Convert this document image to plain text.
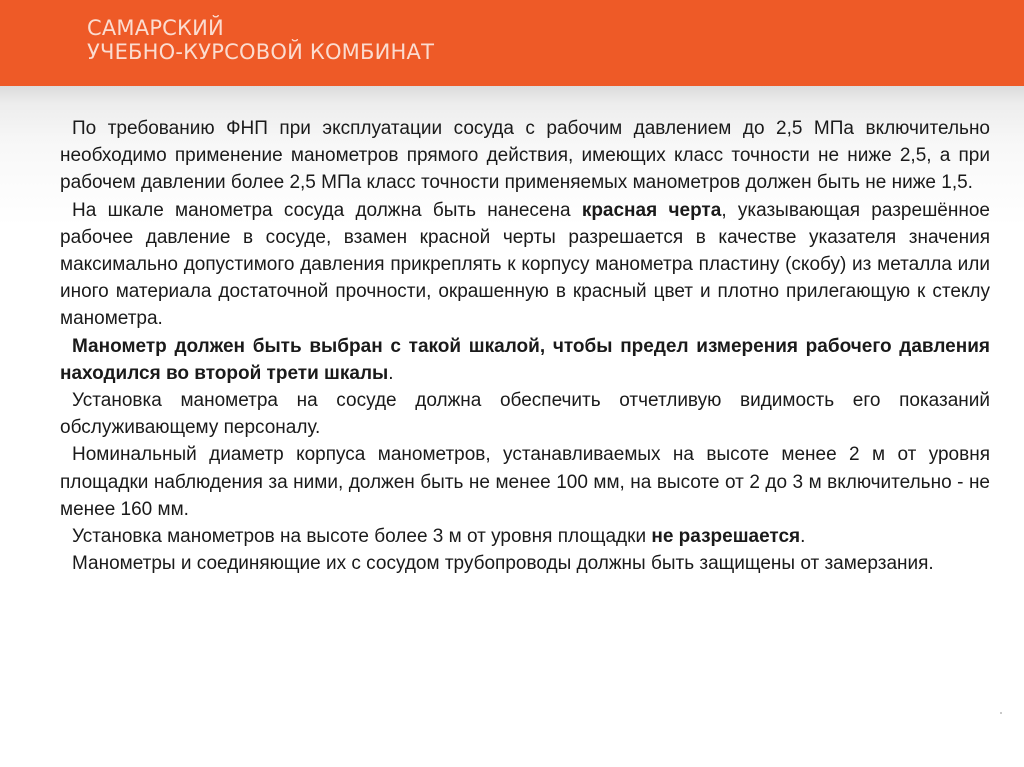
САМАРСКИЙ
УЧЕБНО-КУРСОВОЙ КОМБИНАТ

По требованию ФНП при эксплуатации сосуда с рабочим давлением до 2,5 МПа включительно необходимо применение манометров прямого действия, имеющих класс точности не ниже 2,5, а при рабочем давлении более 2,5 МПа класс точности применяемых манометров должен быть не ниже 1,5.

На шкале манометра сосуда должна быть нанесена красная черта, указывающая разрешённое рабочее давление в сосуде, взамен красной черты разрешается в качестве указателя значения максимально допустимого давления прикреплять к корпусу манометра пластину (скобу) из металла или иного материала достаточной прочности, окрашенную в красный цвет и плотно прилегающую к стеклу манометра.

Манометр должен быть выбран с такой шкалой, чтобы предел измерения рабочего давления находился во второй трети шкалы.

Установка манометра на сосуде должна обеспечить отчетливую видимость его показаний обслуживающему персоналу.

Номинальный диаметр корпуса манометров, устанавливаемых на высоте менее 2 м от уровня площадки наблюдения за ними, должен быть не менее 100 мм, на высоте от 2 до 3 м включительно - не менее 160 мм.

Установка манометров на высоте более 3 м от уровня площадки не разрешается.

Манометры и соединяющие их с сосудом трубопроводы должны быть защищены от замерзания.
